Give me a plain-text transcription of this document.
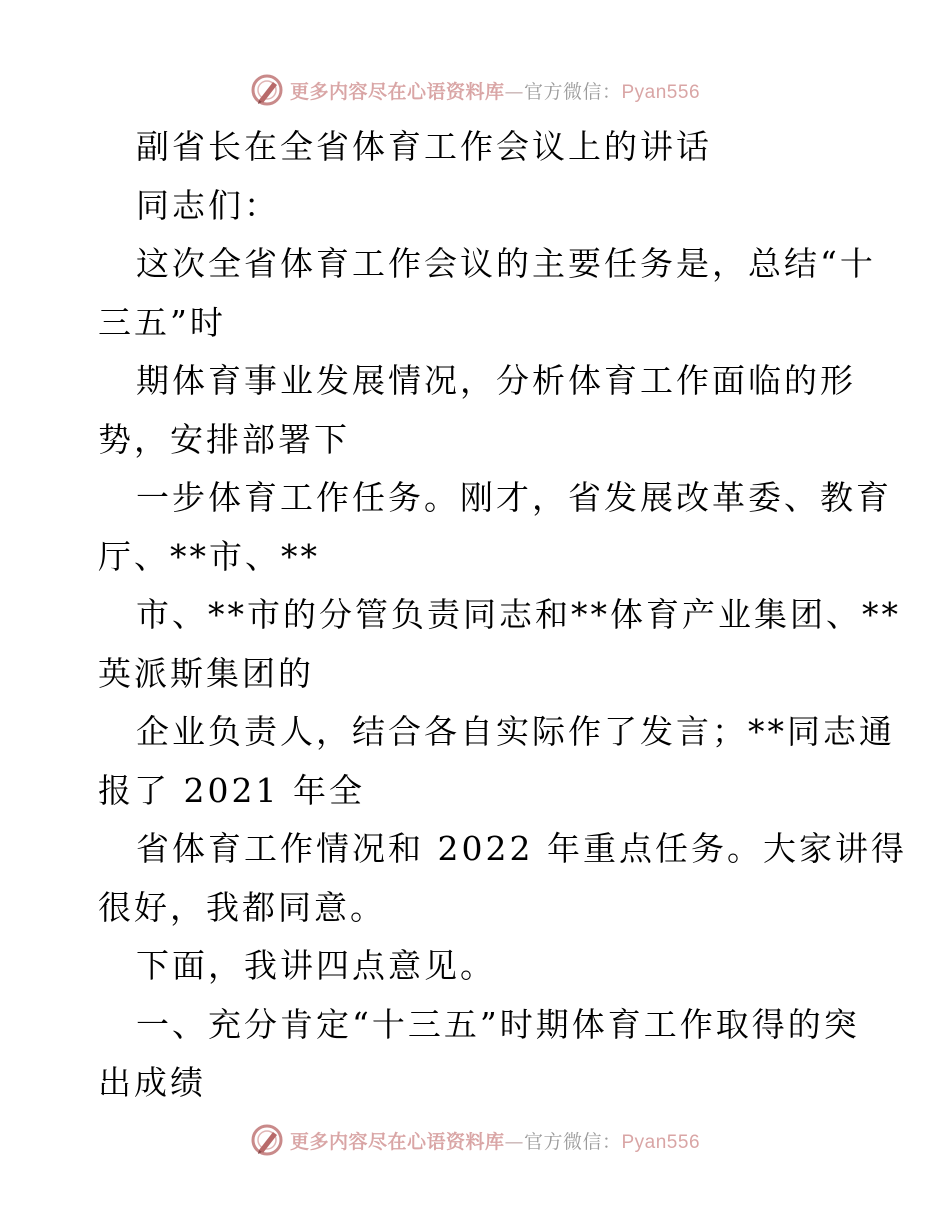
更多内容尽在心语资料库—官方微信：Pyan556

副省长在全省体育工作会议上的讲话

同志们：

这次全省体育工作会议的主要任务是，总结“十
三五”时

期体育事业发展情况，分析体育工作面临的形
势，安排部署下

一步体育工作任务。刚才，省发展改革委、教育
厅、**市、**

市、**市的分管负责同志和**体育产业集团、**
英派斯集团的

企业负责人，结合各自实际作了发言；**同志通
报了 2021 年全

省体育工作情况和 2022 年重点任务。大家讲得
很好，我都同意。

下面，我讲四点意见。

一、充分肯定“十三五”时期体育工作取得的突
出成绩

更多内容尽在心语资料库—官方微信：Pyan556
